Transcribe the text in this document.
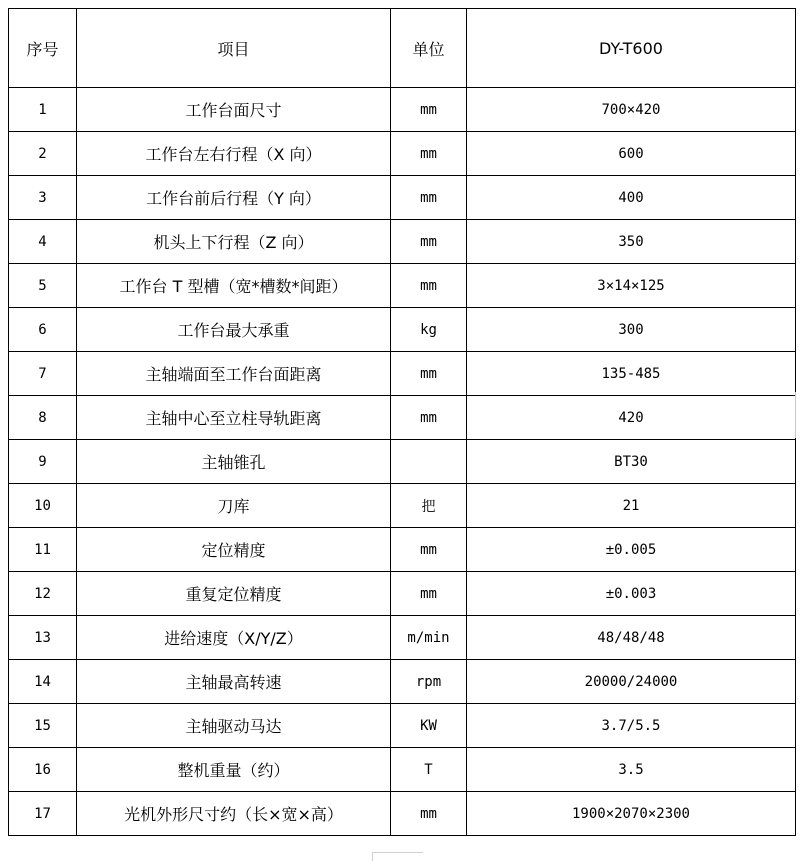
序号	项目	单位	DY-T600
1	工作台面尺寸	mm	700×420
2	工作台左右行程（X 向）	mm	600
3	工作台前后行程（Y 向）	mm	400
4	机头上下行程（Z 向）	mm	350
5	工作台 T 型槽（宽*槽数*间距）	mm	3×14×125
6	工作台最大承重	kg	300
7	主轴端面至工作台面距离	mm	135-485
8	主轴中心至立柱导轨距离	mm	420
9	主轴锥孔		BT30
10	刀库	把	21
11	定位精度	mm	±0.005
12	重复定位精度	mm	±0.003
13	进给速度（X/Y/Z）	m/min	48/48/48
14	主轴最高转速	rpm	20000/24000
15	主轴驱动马达	KW	3.7/5.5
16	整机重量（约）	T	3.5
17	光机外形尺寸约（长×宽×高）	mm	1900×2070×2300
